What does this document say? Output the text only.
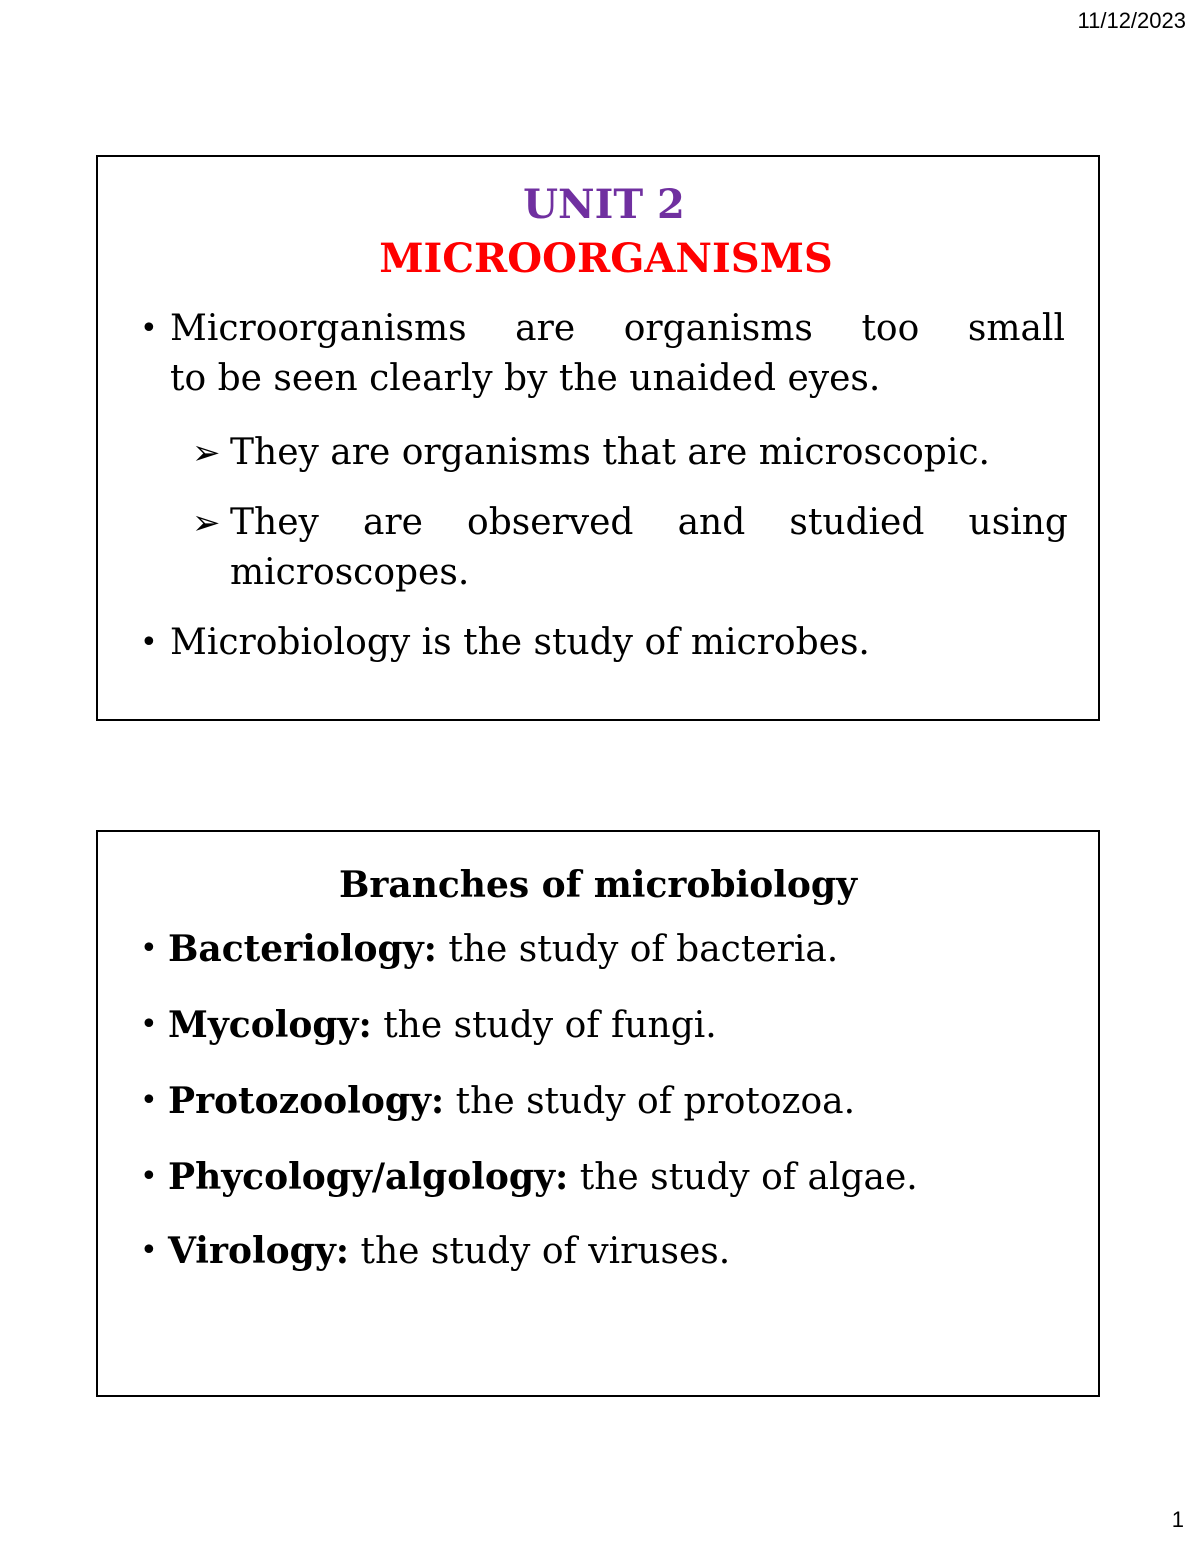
11/12/2023
UNIT 2
MICROORGANISMS
• Microorganisms are organisms too small
to be seen clearly by the unaided eyes.
➢ They are organisms that are microscopic.
➢ They are observed and studied using
microscopes.
• Microbiology is the study of microbes.
Branches of microbiology
• Bacteriology: the study of bacteria.
• Mycology: the study of fungi.
• Protozoology: the study of protozoa.
• Phycology/algology: the study of algae.
• Virology: the study of viruses.
1
